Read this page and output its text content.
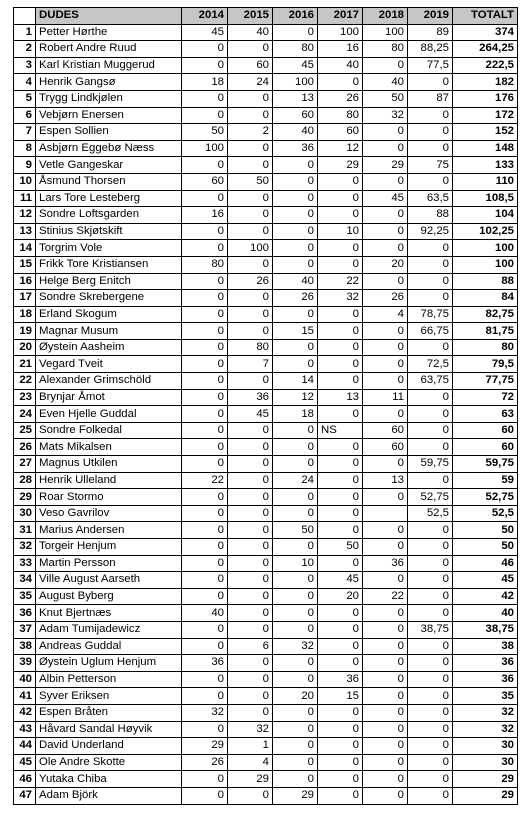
	DUDES	2014	2015	2016	2017	2018	2019	TOTALT
1	Petter Hørthe	45	40	0	100	100	89	374
2	Robert Andre Ruud	0	0	80	16	80	88,25	264,25
3	Karl Kristian Muggerud	0	60	45	40	0	77,5	222,5
4	Henrik Gangsø	18	24	100	0	40	0	182
5	Trygg Lindkjølen	0	0	13	26	50	87	176
6	Vebjørn Enersen	0	0	60	80	32	0	172
7	Espen Sollien	50	2	40	60	0	0	152
8	Asbjørn Eggebø Næss	100	0	36	12	0	0	148
9	Vetle Gangeskar	0	0	0	29	29	75	133
10	Åsmund Thorsen	60	50	0	0	0	0	110
11	Lars Tore Lesteberg	0	0	0	0	45	63,5	108,5
12	Sondre Loftsgarden	16	0	0	0	0	88	104
13	Stinius Skjøtskift	0	0	0	10	0	92,25	102,25
14	Torgrim Vole	0	100	0	0	0	0	100
15	Frikk Tore Kristiansen	80	0	0	0	20	0	100
16	Helge Berg Enitch	0	26	40	22	0	0	88
17	Sondre Skrebergene	0	0	26	32	26	0	84
18	Erland Skogum	0	0	0	0	4	78,75	82,75
19	Magnar Musum	0	0	15	0	0	66,75	81,75
20	Øystein Aasheim	0	80	0	0	0	0	80
21	Vegard Tveit	0	7	0	0	0	72,5	79,5
22	Alexander Grimschöld	0	0	14	0	0	63,75	77,75
23	Brynjar Åmot	0	36	12	13	11	0	72
24	Even Hjelle Guddal	0	45	18	0	0	0	63
25	Sondre Folkedal	0	0	0	NS	60	0	60
26	Mats Mikalsen	0	0	0	0	60	0	60
27	Magnus Utkilen	0	0	0	0	0	59,75	59,75
28	Henrik Ulleland	22	0	24	0	13	0	59
29	Roar Stormo	0	0	0	0	0	52,75	52,75
30	Veso Gavrilov	0	0	0	0		52,5	52,5
31	Marius Andersen	0	0	50	0	0	0	50
32	Torgeir Henjum	0	0	0	50	0	0	50
33	Martin Persson	0	0	10	0	36	0	46
34	Ville August Aarseth	0	0	0	45	0	0	45
35	August Byberg	0	0	0	20	22	0	42
36	Knut Bjertnæs	40	0	0	0	0	0	40
37	Adam Tumijadewicz	0	0	0	0	0	38,75	38,75
38	Andreas Guddal	0	6	32	0	0	0	38
39	Øystein Uglum Henjum	36	0	0	0	0	0	36
40	Albin Petterson	0	0	0	36	0	0	36
41	Syver Eriksen	0	0	20	15	0	0	35
42	Espen Bråten	32	0	0	0	0	0	32
43	Håvard Sandal Høyvik	0	32	0	0	0	0	32
44	David Underland	29	1	0	0	0	0	30
45	Ole Andre Skotte	26	4	0	0	0	0	30
46	Yutaka Chiba	0	29	0	0	0	0	29
47	Adam Björk	0	0	29	0	0	0	29
